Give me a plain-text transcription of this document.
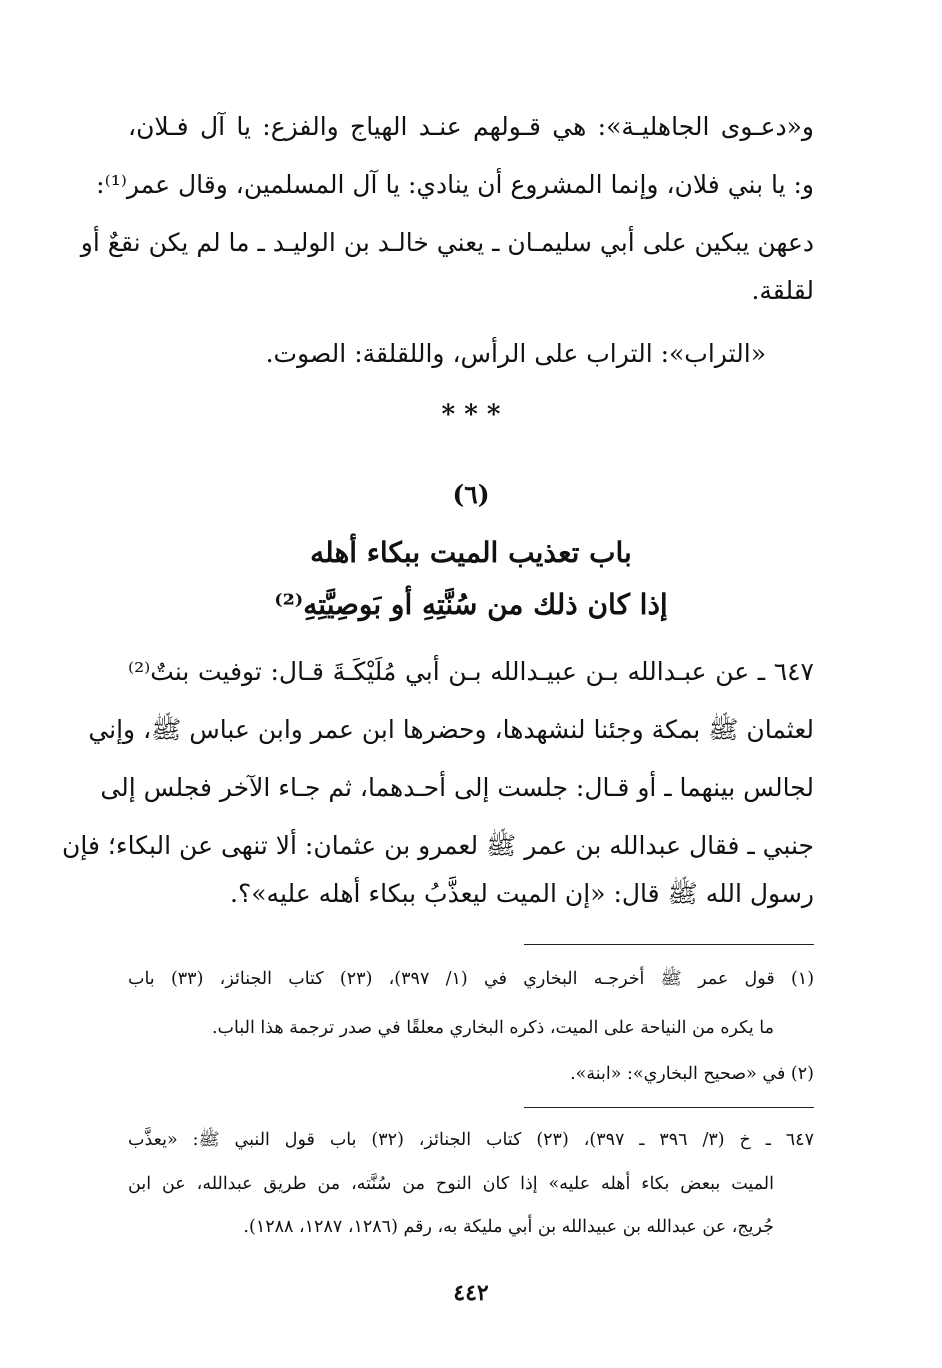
و«دعـوى الجاهليـة»: هي قـولهم عنـد الهياج والفزع: يا آل فـلان،
و: يا بني فلان، وإنما المشروع أن ينادي: يا آل المسلمين، وقال عمر⁽¹⁾:
دعهن يبكين على أبي سليمـان ـ يعني خالـد بن الوليـد ـ ما لم يكن نقعٌ أو
لقلقة.
«التراب»: التراب على الرأس، واللقلقة: الصوت.
* * *
(٦)
باب تعذيب الميت ببكاء أهله
إذا كان ذلك من سُنَّتِهِ أو بَوصِيَّتِهِ⁽²⁾
٦٤٧ ـ عن عبـدالله بـن عبيـدالله بـن أبي مُلَيْكَـةَ قـال: توفيت بنتٌ⁽²⁾
لعثمان ﷺ بمكة وجئنا لنشهدها، وحضرها ابن عمر وابن عباس ﷺ، وإني
لجالس بينهما ـ أو قـال: جلست إلى أحـدهما، ثم جـاء الآخر فجلس إلى
جنبي ـ فقال عبدالله بن عمر ﷺ لعمرو بن عثمان: ألا تنهى عن البكاء؛ فإن
رسول الله ﷺ قال: «إن الميت ليعذَّبُ ببكاء أهله عليه»؟.
(١) قول عمر ﷺ أخرجـه البخاري في (١/ ٣٩٧)، (٢٣) كتاب الجنائز، (٣٣) باب
ما يكره من النياحة على الميت، ذكره البخاري معلقًا في صدر ترجمة هذا الباب.
(٢) في «صحيح البخاري»: «ابنة».
٦٤٧ ـ خ (٣/ ٣٩٦ ـ ٣٩٧)، (٢٣) كتاب الجنائز، (٣٢) باب قول النبي ﷺ: «يعذَّب
الميت ببعض بكاء أهله عليه» إذا كان النوح من سُنَّته، من طريق عبدالله، عن ابن
جُريج، عن عبدالله بن عبيدالله بن أبي مليكة به، رقم (١٢٨٦، ١٢٨٧، ١٢٨٨).
٤٤٢
